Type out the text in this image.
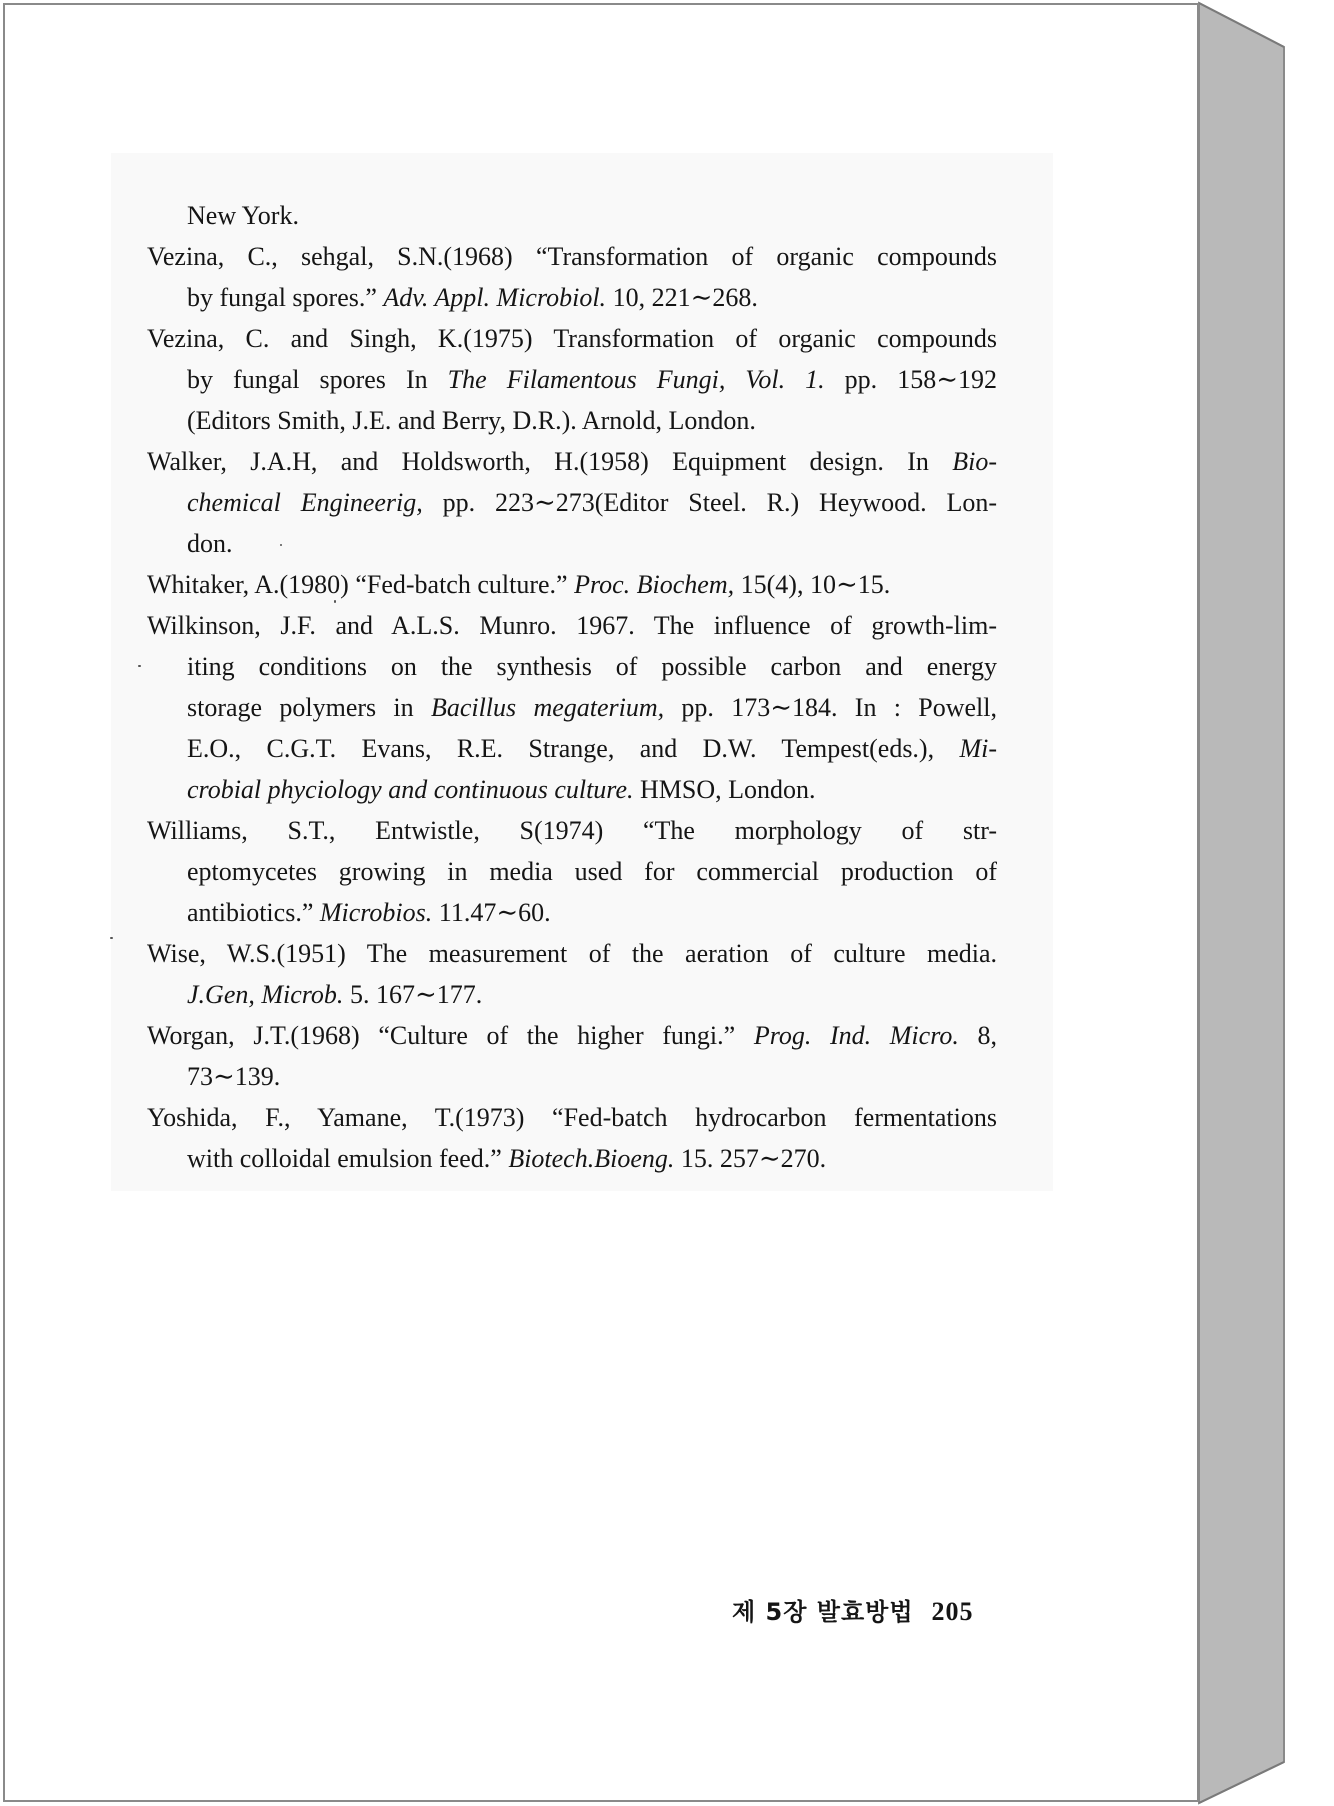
New York.
Vezina, C., sehgal, S.N.(1968) “Transformation of organic compounds
by fungal spores.” Adv. Appl. Microbiol. 10, 221∼268.
Vezina, C. and Singh, K.(1975) Transformation of organic compounds
by fungal spores In The Filamentous Fungi, Vol. 1. pp. 158∼192
(Editors Smith, J.E. and Berry, D.R.). Arnold, London.
Walker, J.A.H, and Holdsworth, H.(1958) Equipment design. In Bio-
chemical Engineerig, pp. 223∼273(Editor Steel. R.) Heywood. Lon-
don.
Whitaker, A.(1980) “Fed-batch culture.” Proc. Biochem, 15(4), 10∼15.
Wilkinson, J.F. and A.L.S. Munro. 1967. The influence of growth-lim-
iting conditions on the synthesis of possible carbon and energy
storage polymers in Bacillus megaterium, pp. 173∼184. In : Powell,
E.O., C.G.T. Evans, R.E. Strange, and D.W. Tempest(eds.), Mi-
crobial phyciology and continuous culture. HMSO, London.
Williams, S.T., Entwistle, S(1974) “The morphology of str-
eptomycetes growing in media used for commercial production of
antibiotics.” Microbios. 11.47∼60.
Wise, W.S.(1951) The measurement of the aeration of culture media.
J.Gen, Microb. 5. 167∼177.
Worgan, J.T.(1968) “Culture of the higher fungi.” Prog. Ind. Micro. 8,
73∼139.
Yoshida, F., Yamane, T.(1973) “Fed-batch hydrocarbon fermentations
with colloidal emulsion feed.” Biotech.Bioeng. 15. 257∼270.
제 5장 발효방법 205
